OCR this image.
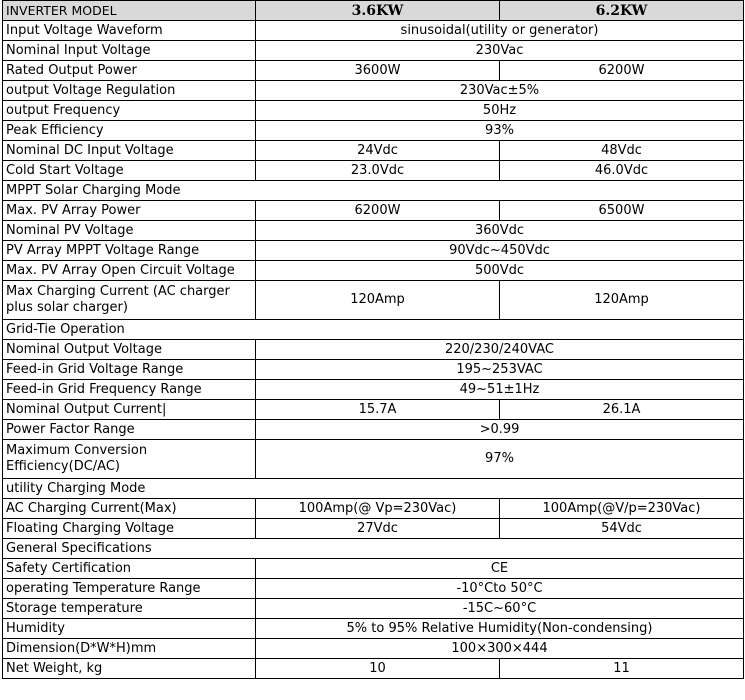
INVERTER MODEL	3.6KW	6.2KW
Input Voltage Waveform	sinusoidal(utility or generator)	
Nominal Input Voltage	230Vac	
Rated Output Power	3600W	6200W
output Voltage Regulation	230Vac±5%	
output Frequency	50Hz	
Peak Efficiency	93%	
Nominal DC Input Voltage	24Vdc	48Vdc
Cold Start Voltage	23.0Vdc	46.0Vdc
MPPT Solar Charging Mode		
Max. PV Array Power	6200W	6500W
Nominal PV Voltage	360Vdc	
PV Array MPPT Voltage Range	90Vdc~450Vdc	
Max. PV Array Open Circuit Voltage	500Vdc	
Max Charging Current (AC charger plus solar charger)	120Amp	120Amp
Grid-Tie Operation		
Nominal Output Voltage	220/230/240VAC	
Feed-in Grid Voltage Range	195~253VAC	
Feed-in Grid Frequency Range	49~51±1Hz	
Nominal Output Current|	15.7A	26.1A
Power Factor Range	>0.99	
Maximum Conversion Efficiency(DC/AC)	97%	
utility Charging Mode		
AC Charging Current(Max)	100Amp(@ Vp=230Vac)	100Amp(@V/p=230Vac)
Floating Charging Voltage	27Vdc	54Vdc
General Specifications		
Safety Certification	CE	
operating Temperature Range	-10°Cto 50°C	
Storage temperature	-15C~60°C	
Humidity	5% to 95% Relative Humidity(Non-condensing)	
Dimension(D*W*H)mm	100×300×444	
Net Weight, kg	10	11
